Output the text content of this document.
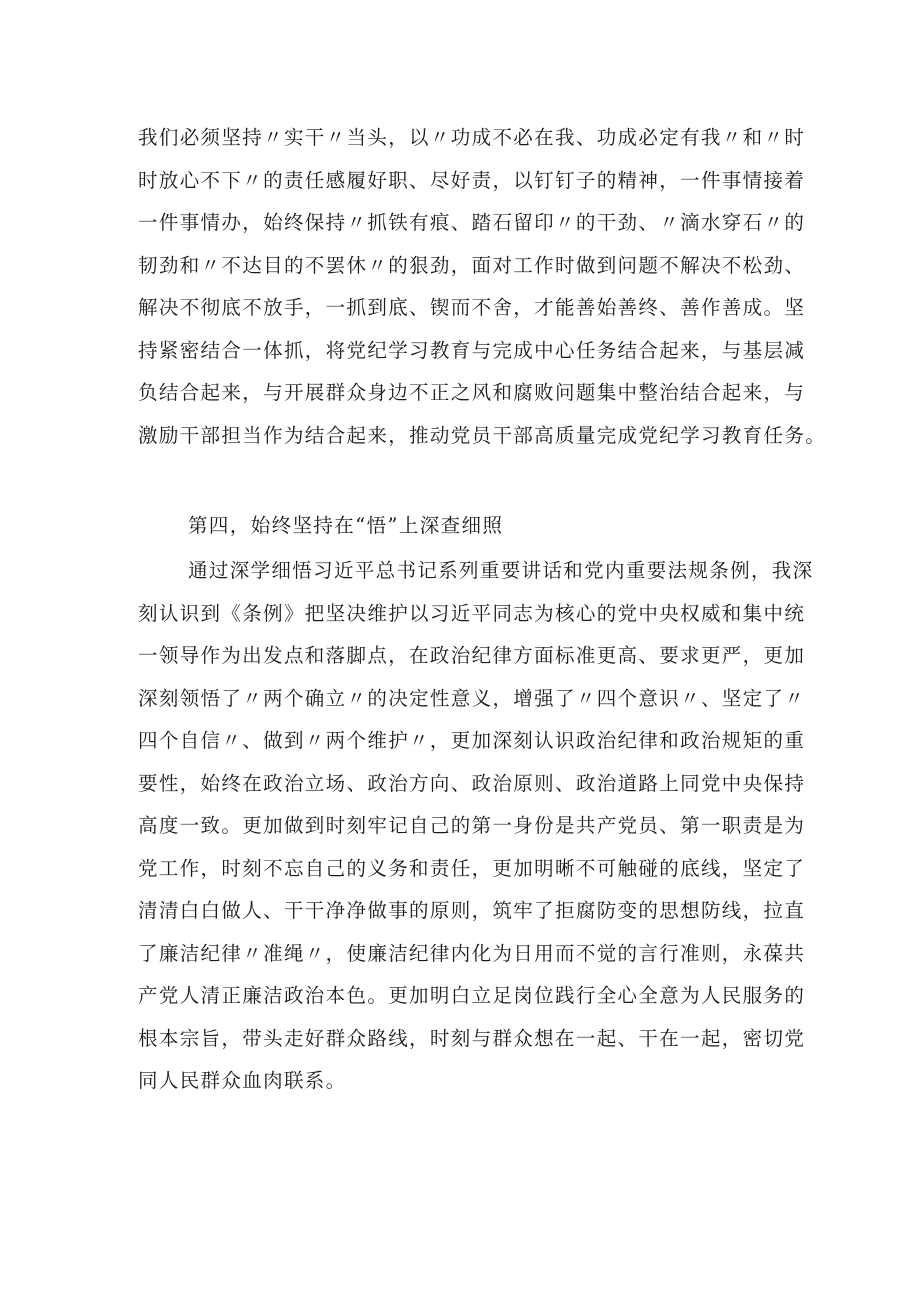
我们必须坚持〃实干〃当头，以〃功成不必在我、功成必定有我〃和〃时
时放心不下〃的责任感履好职、尽好责，以钉钉子的精神，一件事情接着
一件事情办，始终保持〃抓铁有痕、踏石留印〃的干劲、〃滴水穿石〃的
韧劲和〃不达目的不罢休〃的狠劲，面对工作时做到问题不解决不松劲、
解决不彻底不放手，一抓到底、锲而不舍，才能善始善终、善作善成。坚
持紧密结合一体抓，将党纪学习教育与完成中心任务结合起来，与基层减
负结合起来，与开展群众身边不正之风和腐败问题集中整治结合起来，与
激励干部担当作为结合起来，推动党员干部高质量完成党纪学习教育任务。
第四，始终坚持在“悟”上深查细照
通过深学细悟习近平总书记系列重要讲话和党内重要法规条例，我深
刻认识到《条例》把坚决维护以习近平同志为核心的党中央权威和集中统
一领导作为出发点和落脚点，在政治纪律方面标准更高、要求更严，更加
深刻领悟了〃两个确立〃的决定性意义，增强了〃四个意识〃、坚定了〃
四个自信〃、做到〃两个维护〃，更加深刻认识政治纪律和政治规矩的重
要性，始终在政治立场、政治方向、政治原则、政治道路上同党中央保持
高度一致。更加做到时刻牢记自己的第一身份是共产党员、第一职责是为
党工作，时刻不忘自己的义务和责任，更加明晰不可触碰的底线，坚定了
清清白白做人、干干净净做事的原则，筑牢了拒腐防变的思想防线，拉直
了廉洁纪律〃准绳〃，使廉洁纪律内化为日用而不觉的言行准则，永葆共
产党人清正廉洁政治本色。更加明白立足岗位践行全心全意为人民服务的
根本宗旨，带头走好群众路线，时刻与群众想在一起、干在一起，密切党
同人民群众血肉联系。
